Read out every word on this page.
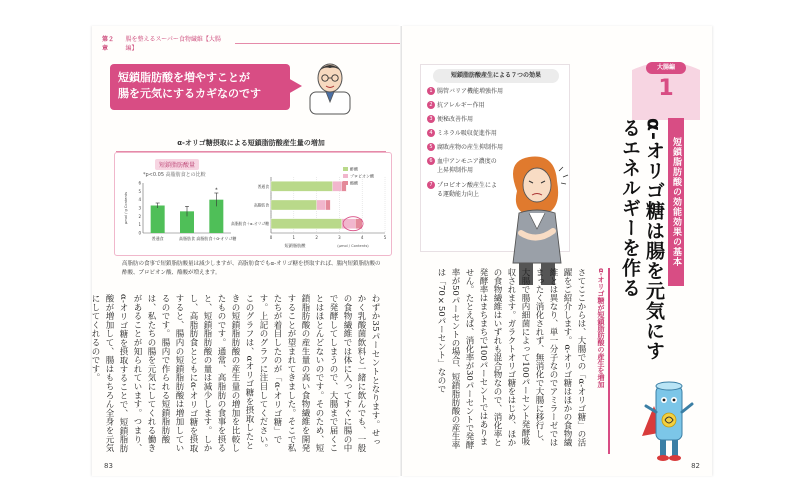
第２章
腸を整えるスーパー食物繊維【大腸編】
短鎖脂肪酸を増やすことが
腸を元気にするカギなのです
α-オリゴ糖摂取による短鎖脂肪酸産生量の増加
短鎖脂肪酸量
*p<0.05 高脂肪食との比較
0
1
2
3
4
5
6
μmol / g Contents
普通食	高脂肪食
*
高脂肪食＋α-オリゴ糖	0	1	2	3	4	5
普通食
高脂肪食
高脂肪食＋α-オリゴ糖
酢酸
プロピオン酸
酪酸
短鎖脂肪酸	(μmol / Contents)
高脂肪の食事で短鎖脂肪酸量は減少しますが、高脂肪食でもα-オリゴ糖を摂取すれば、腸内短鎖脂肪酸の酢酸、プロピオン酸、酪酸が増えます。
わずか35パーセントとなります。せっかく乳酸菌飲料と一緒に飲んでも、一般の食物繊維では体に入ってすぐに腸の中で発酵してしまうので、大腸まで届くことはほとんどないのです。そのため、短鎖脂肪酸の産生量の高い食物繊維を開発することが望まれてきました。そこで私たちが着目したのが「α-オリゴ糖」です。上記のグラフに注目してください。このグラフは、αオリゴ糖を摂取したときの短鎖脂肪酸の産生量の増加を比較したものです。通常、高脂肪の食事を摂ると、短鎖脂肪酸の量は減少します。しかし、高脂肪食とともにα-オリゴ糖を摂取すると、腸内の短鎖脂肪酸は増加しているのです。腸内で作られる短鎖脂肪酸は、私たちの腸を元気にしてくれる働きがあることが知られています。つまり、α-オリゴ糖を摂取することで、短鎖脂肪酸が増加して、腸はもちろん全身を元気にしてくれるのです。
83
短鎖脂肪酸産生による７つの効果
1 腸管バリア機能増強作用
2 抗アレルギー作用
3 便秘改善作用
4 ミネラル吸収促進作用
5 腐敗産物の産生抑制作用
6 血中アンモニア濃度の上昇抑制作用
7 プロピオン酸産生による運動能力向上
大腸編
1
短鎖脂肪酸の効能効果の基本
α-オリゴ糖は腸を元気にするエネルギーを作る
α-オリゴ糖が短鎖脂肪酸の産生を増加
さてここからは、大腸での「α-オリゴ糖」の活躍をご紹介します。α-オリゴ糖はほかの食物繊維とは異なり、単一分子なのでアミラーゼではまったく消化されず、無消化で大腸に移行し、大腸で腸内細菌によって100パーセント発酵吸収されます。ガラクトオリゴ糖をはじめ、ほかの食物繊維はいずれも混合物なので、消化率と発酵率はまちまちで100パーセントではありません。たとえば、消化率が30パーセントで発酵率が50パーセントの場合、短鎖脂肪酸の産生率は「70×50パーセント」なので
82
